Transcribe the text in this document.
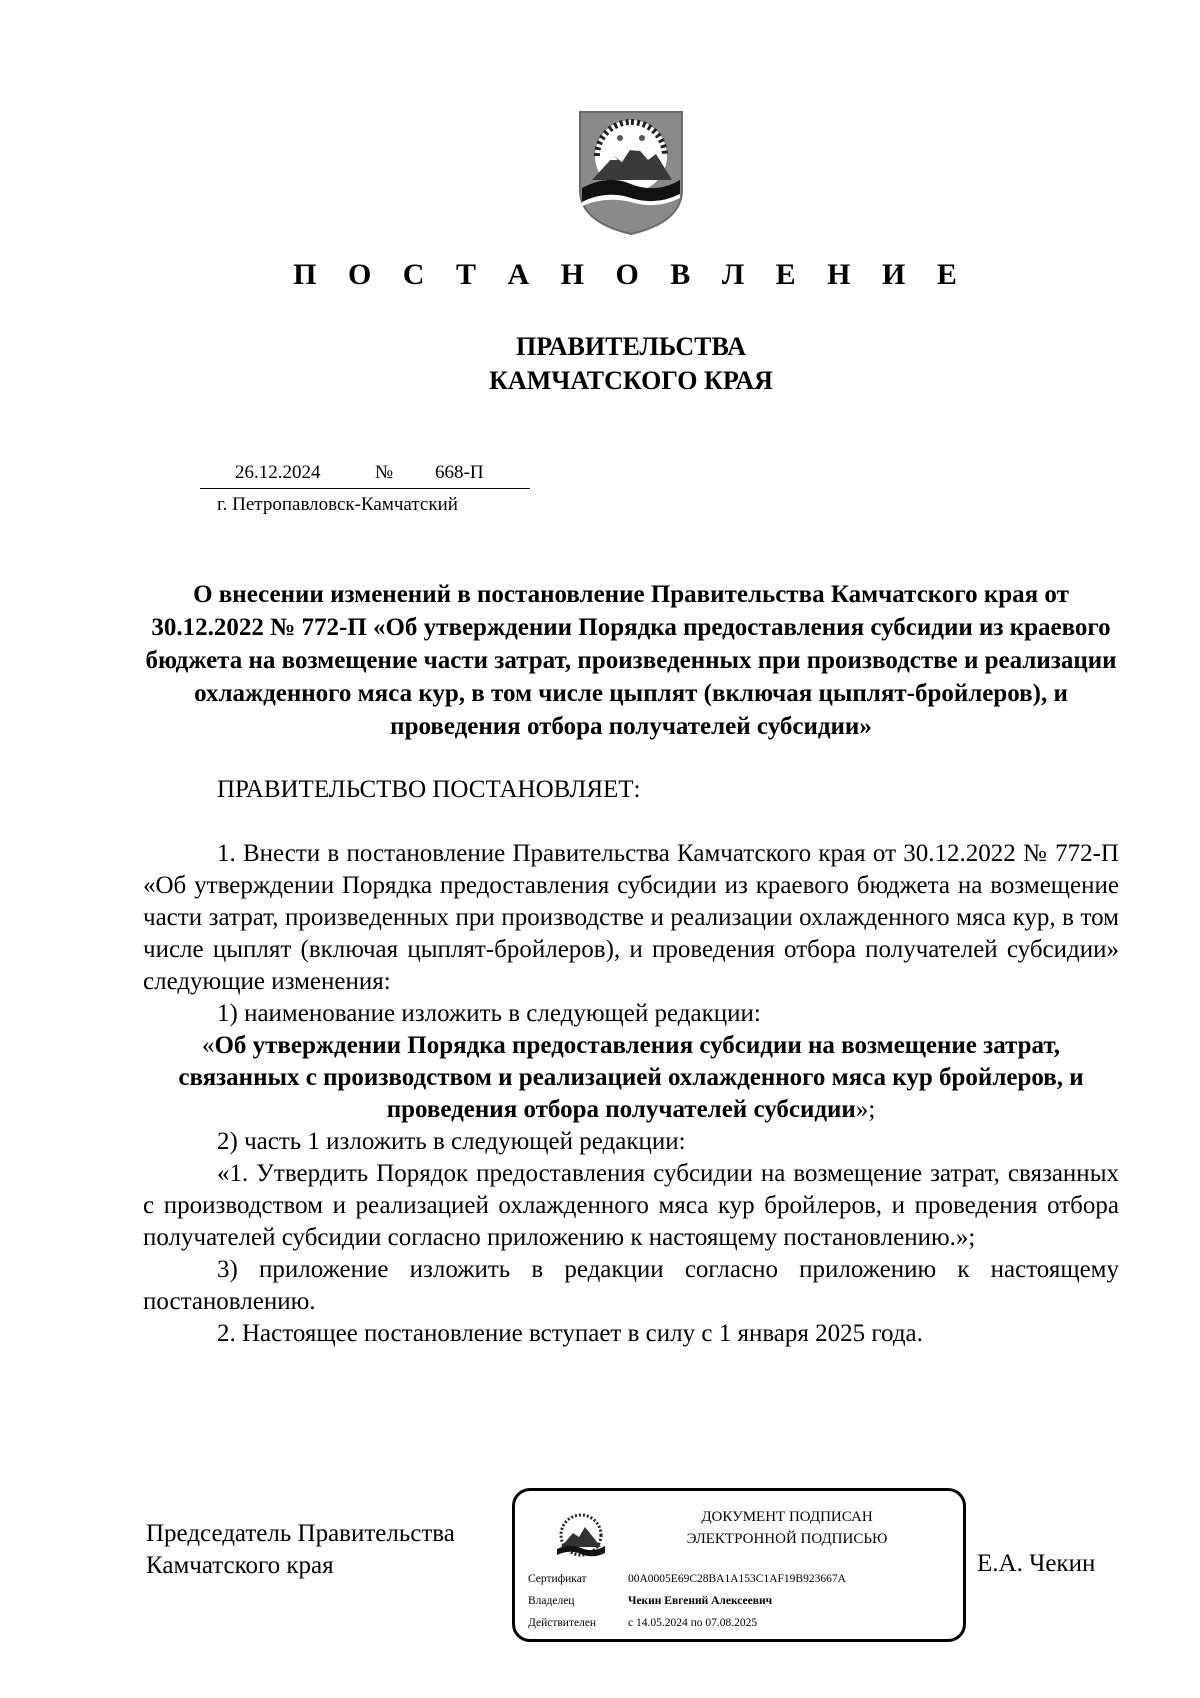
П О С Т А Н О В Л Е Н И Е
ПРАВИТЕЛЬСТВА
КАМЧАТСКОГО КРАЯ
26.12.2024	№ 668-П
г. Петропавловск-Камчатский
О внесении изменений в постановление Правительства Камчатского края от 30.12.2022 № 772-П «Об утверждении Порядка предоставления субсидии из краевого бюджета на возмещение части затрат, произведенных при производстве и реализации охлажденного мяса кур, в том числе цыплят (включая цыплят-бройлеров), и проведения отбора получателей субсидии»
ПРАВИТЕЛЬСТВО ПОСТАНОВЛЯЕТ:

1. Внести в постановление Правительства Камчатского края от 30.12.2022 № 772-П «Об утверждении Порядка предоставления субсидии из краевого бюджета на возмещение части затрат, произведенных при производстве и реализации охлажденного мяса кур, в том числе цыплят (включая цыплят-бройлеров), и проведения отбора получателей субсидии» следующие изменения:

1) наименование изложить в следующей редакции:

«Об утверждении Порядка предоставления субсидии на возмещение затрат, связанных с производством и реализацией охлажденного мяса кур бройлеров, и проведения отбора получателей субсидии»;

2) часть 1 изложить в следующей редакции:

«1. Утвердить Порядок предоставления субсидии на возмещение затрат, связанных с производством и реализацией охлажденного мяса кур бройлеров, и проведения отбора получателей субсидии согласно приложению к настоящему постановлению.»;

3) приложение изложить в редакции согласно приложению к настоящему постановлению.

2. Настоящее постановление вступает в силу с 1 января 2025 года.

Председатель Правительства
Камчатского края
ДОКУМЕНТ ПОДПИСАН
ЭЛЕКТРОННОЙ ПОДПИСЬЮ
Сертификат	00A0005E69C28BA1A153C1AF19B923667A
Владелец	Чекин Евгений Алексеевич
Действителен	с 14.05.2024 по 07.08.2025
Е.А. Чекин
